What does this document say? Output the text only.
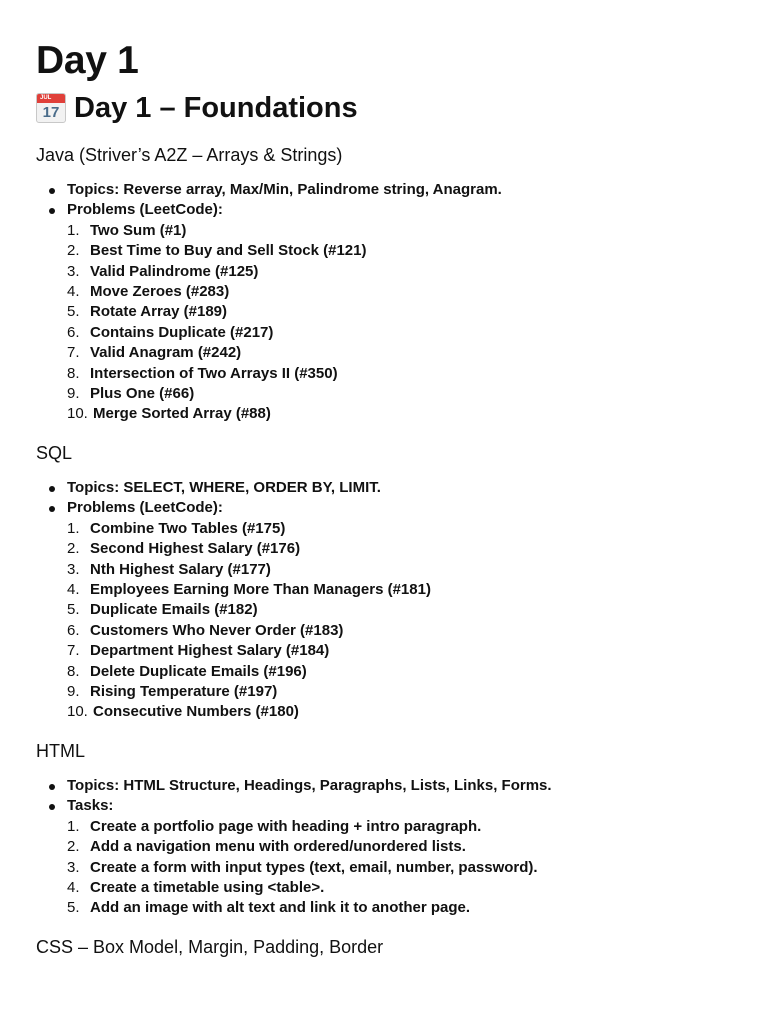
Day 1
JUL
17 Day 1 – Foundations
Java (Striver’s A2Z – Arrays & Strings)
Topics: Reverse array, Max/Min, Palindrome string, Anagram.
Problems (LeetCode):
1. Two Sum (#1)
2. Best Time to Buy and Sell Stock (#121)
3. Valid Palindrome (#125)
4. Move Zeroes (#283)
5. Rotate Array (#189)
6. Contains Duplicate (#217)
7. Valid Anagram (#242)
8. Intersection of Two Arrays II (#350)
9. Plus One (#66)
10. Merge Sorted Array (#88)
SQL
Topics: SELECT, WHERE, ORDER BY, LIMIT.
Problems (LeetCode):
1. Combine Two Tables (#175)
2. Second Highest Salary (#176)
3. Nth Highest Salary (#177)
4. Employees Earning More Than Managers (#181)
5. Duplicate Emails (#182)
6. Customers Who Never Order (#183)
7. Department Highest Salary (#184)
8. Delete Duplicate Emails (#196)
9. Rising Temperature (#197)
10. Consecutive Numbers (#180)
HTML
Topics: HTML Structure, Headings, Paragraphs, Lists, Links, Forms.
Tasks:
1. Create a portfolio page with heading + intro paragraph.
2. Add a navigation menu with ordered/unordered lists.
3. Create a form with input types (text, email, number, password).
4. Create a timetable using <table>.
5. Add an image with alt text and link it to another page.
CSS – Box Model, Margin, Padding, Border
